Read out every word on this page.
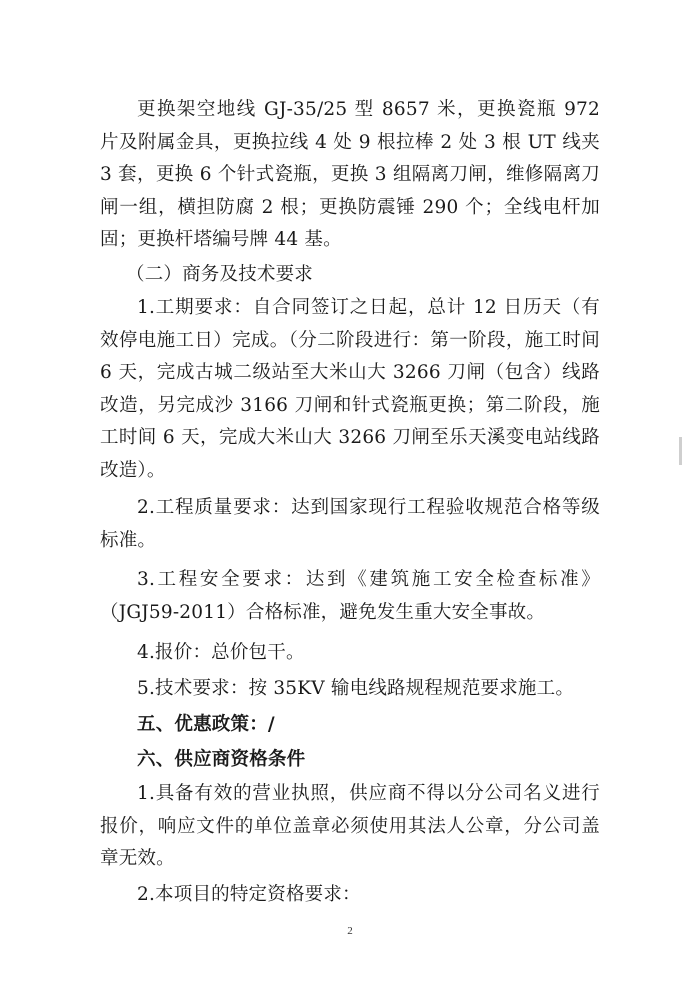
更换架空地线 GJ-35/25 型 8657 米，更换瓷瓶 972 片及附属金具，更换拉线 4 处 9 根拉棒 2 处 3 根 UT 线夹 3 套，更换 6 个针式瓷瓶，更换 3 组隔离刀闸，维修隔离刀闸一组，横担防腐 2 根；更换防震锤 290 个；全线电杆加固；更换杆塔编号牌 44 基。

（二）商务及技术要求

1.工期要求：自合同签订之日起，总计 12 日历天（有效停电施工日）完成。（分二阶段进行：第一阶段，施工时间 6 天，完成古城二级站至大米山大 3266 刀闸（包含）线路改造，另完成沙 3166 刀闸和针式瓷瓶更换；第二阶段，施工时间 6 天，完成大米山大 3266 刀闸至乐天溪变电站线路改造）。

2.工程质量要求：达到国家现行工程验收规范合格等级标准。

3.工程安全要求：达到《建筑施工安全检查标准》（JGJ59-2011）合格标准，避免发生重大安全事故。

4.报价：总价包干。

5.技术要求：按 35KV 输电线路规程规范要求施工。

五、优惠政策：/

六、供应商资格条件

1.具备有效的营业执照，供应商不得以分公司名义进行报价，响应文件的单位盖章必须使用其法人公章，分公司盖章无效。

2.本项目的特定资格要求：

2
